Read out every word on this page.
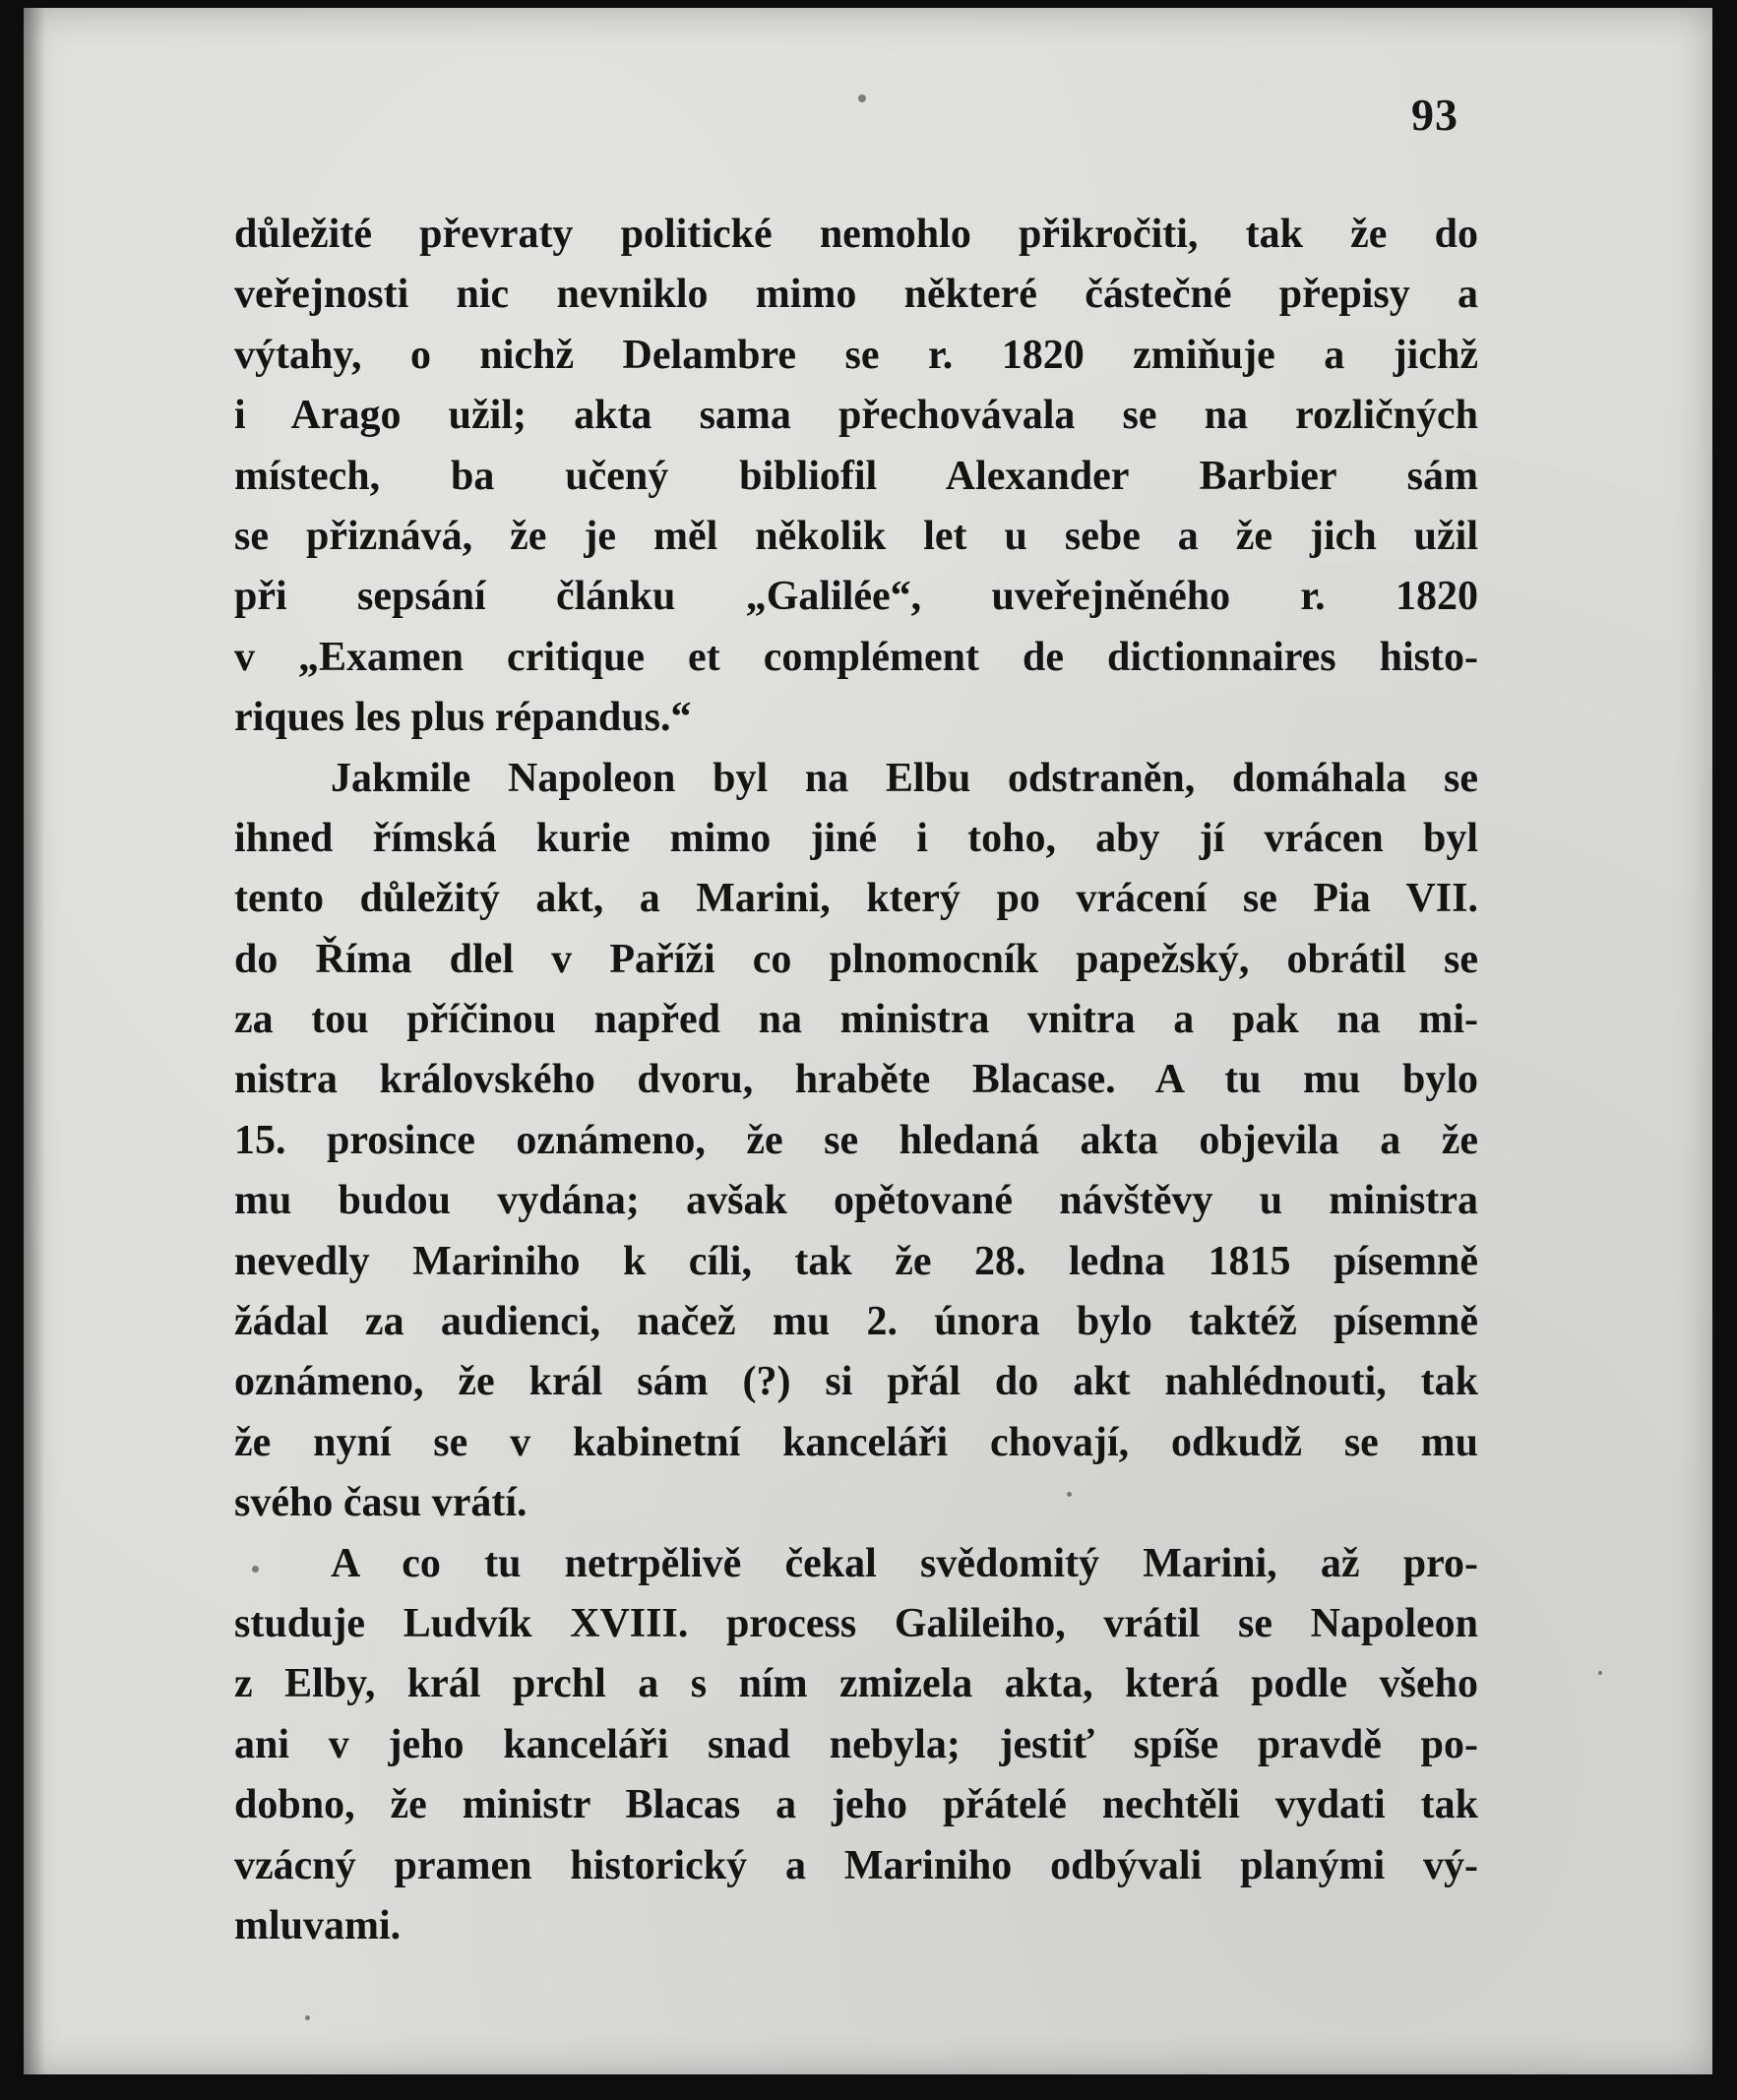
93
důležité převraty politické nemohlo přikročiti, tak že do
veřejnosti nic nevniklo mimo některé částečné přepisy a
výtahy, o nichž Delambre se r. 1820 zmiňuje a jichž
i Arago užil; akta sama přechovávala se na rozličných
místech, ba učený bibliofil Alexander Barbier sám
se přiznává, že je měl několik let u sebe a že jich užil
při sepsání článku „Galilée“, uveřejněného r. 1820
v „Examen critique et complément de dictionnaires histo-
riques les plus répandus.“
Jakmile Napoleon byl na Elbu odstraněn, domáhala se
ihned římská kurie mimo jiné i toho, aby jí vrácen byl
tento důležitý akt, a Marini, který po vrácení se Pia VII.
do Říma dlel v Paříži co plnomocník papežský, obrátil se
za tou příčinou napřed na ministra vnitra a pak na mi-
nistra královského dvoru, hraběte Blacase. A tu mu bylo
15. prosince oznámeno, že se hledaná akta objevila a že
mu budou vydána; avšak opětované návštěvy u ministra
nevedly Mariniho k cíli, tak že 28. ledna 1815 písemně
žádal za audienci, načež mu 2. února bylo taktéž písemně
oznámeno, že král sám (?) si přál do akt nahlédnouti, tak
že nyní se v kabinetní kanceláři chovají, odkudž se mu
svého času vrátí.
A co tu netrpělivě čekal svědomitý Marini, až pro-
studuje Ludvík XVIII. process Galileiho, vrátil se Napoleon
z Elby, král prchl a s ním zmizela akta, která podle všeho
ani v jeho kanceláři snad nebyla; jestiť spíše pravdě po-
dobno, že ministr Blacas a jeho přátelé nechtěli vydati tak
vzácný pramen historický a Mariniho odbývali planými vý-
mluvami.
